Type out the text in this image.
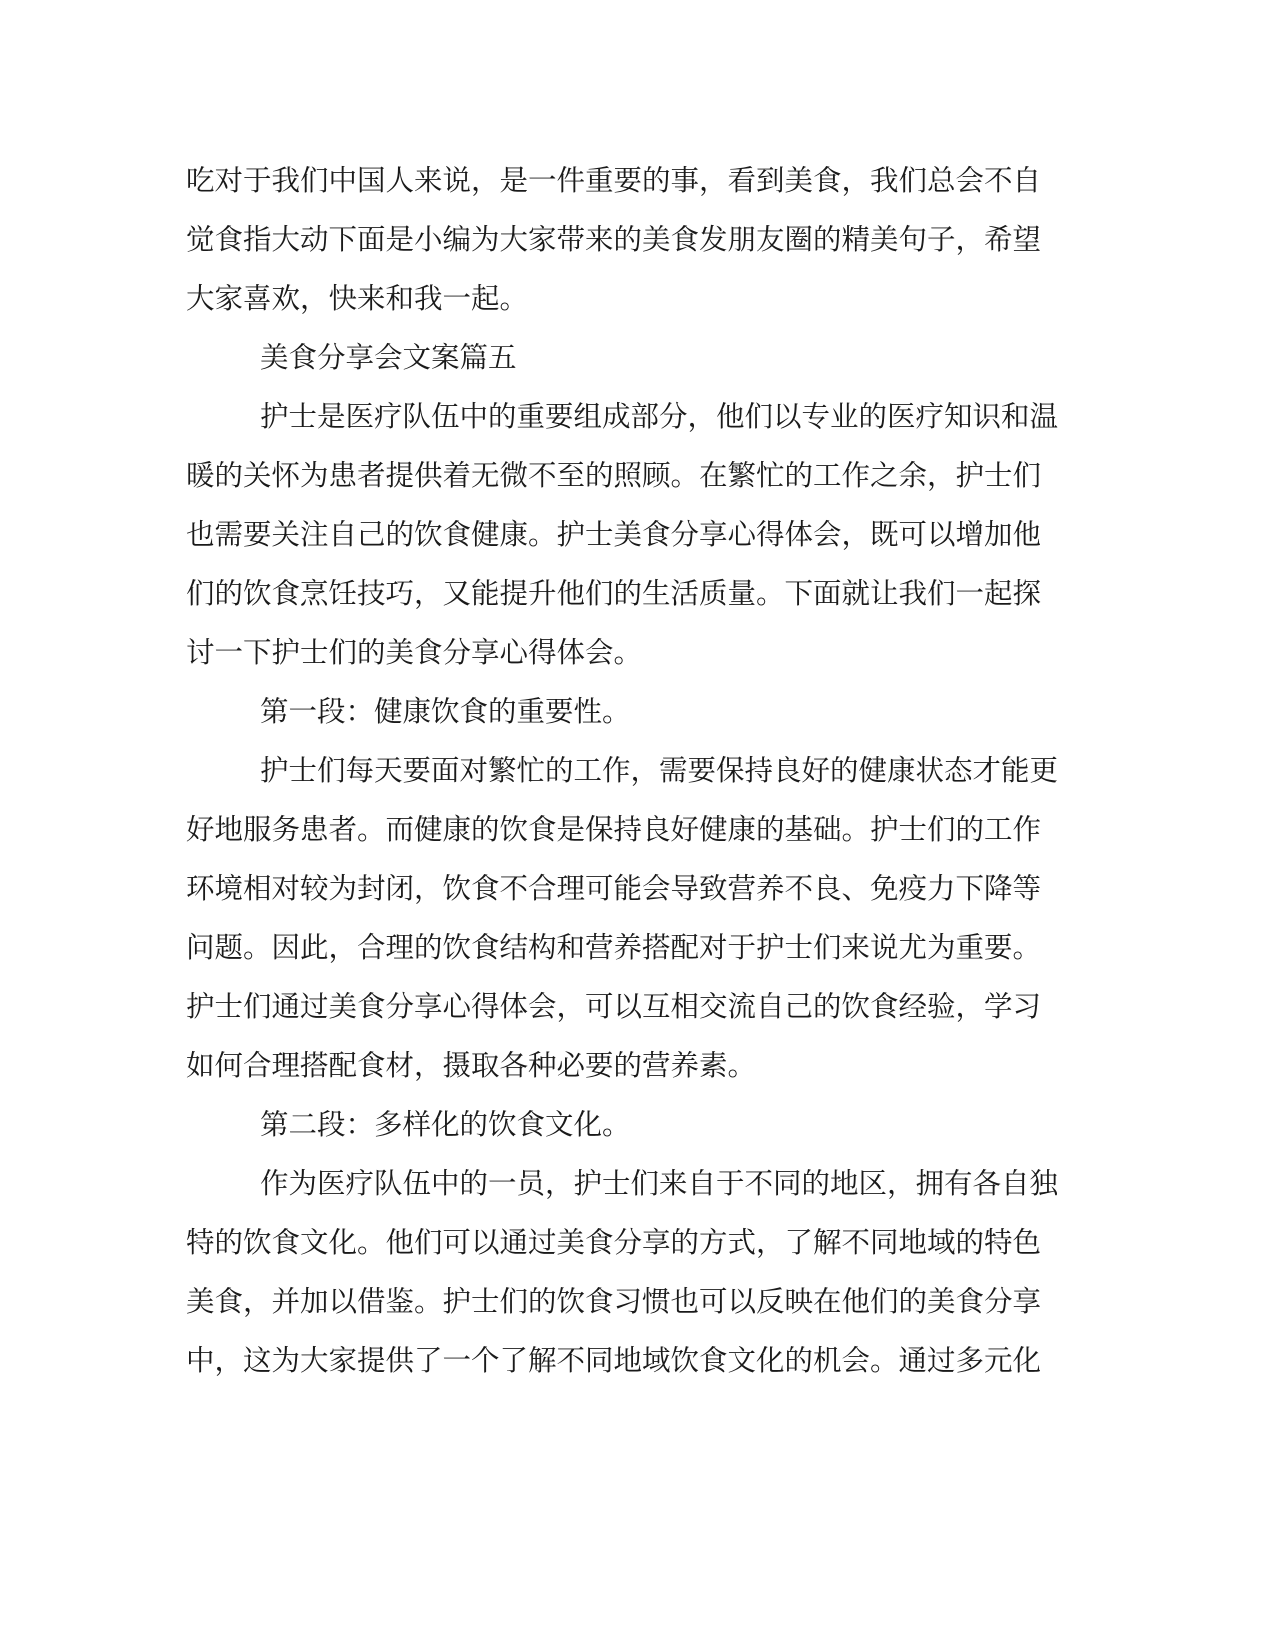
吃对于我们中国人来说，是一件重要的事，看到美食，我们总会不自
觉食指大动下面是小编为大家带来的美食发朋友圈的精美句子，希望
大家喜欢，快来和我一起。
美食分享会文案篇五
护士是医疗队伍中的重要组成部分，他们以专业的医疗知识和温
暖的关怀为患者提供着无微不至的照顾。在繁忙的工作之余，护士们
也需要关注自己的饮食健康。护士美食分享心得体会，既可以增加他
们的饮食烹饪技巧，又能提升他们的生活质量。下面就让我们一起探
讨一下护士们的美食分享心得体会。
第一段：健康饮食的重要性。
护士们每天要面对繁忙的工作，需要保持良好的健康状态才能更
好地服务患者。而健康的饮食是保持良好健康的基础。护士们的工作
环境相对较为封闭，饮食不合理可能会导致营养不良、免疫力下降等
问题。因此，合理的饮食结构和营养搭配对于护士们来说尤为重要。
护士们通过美食分享心得体会，可以互相交流自己的饮食经验，学习
如何合理搭配食材，摄取各种必要的营养素。
第二段：多样化的饮食文化。
作为医疗队伍中的一员，护士们来自于不同的地区，拥有各自独
特的饮食文化。他们可以通过美食分享的方式，了解不同地域的特色
美食，并加以借鉴。护士们的饮食习惯也可以反映在他们的美食分享
中，这为大家提供了一个了解不同地域饮食文化的机会。通过多元化
